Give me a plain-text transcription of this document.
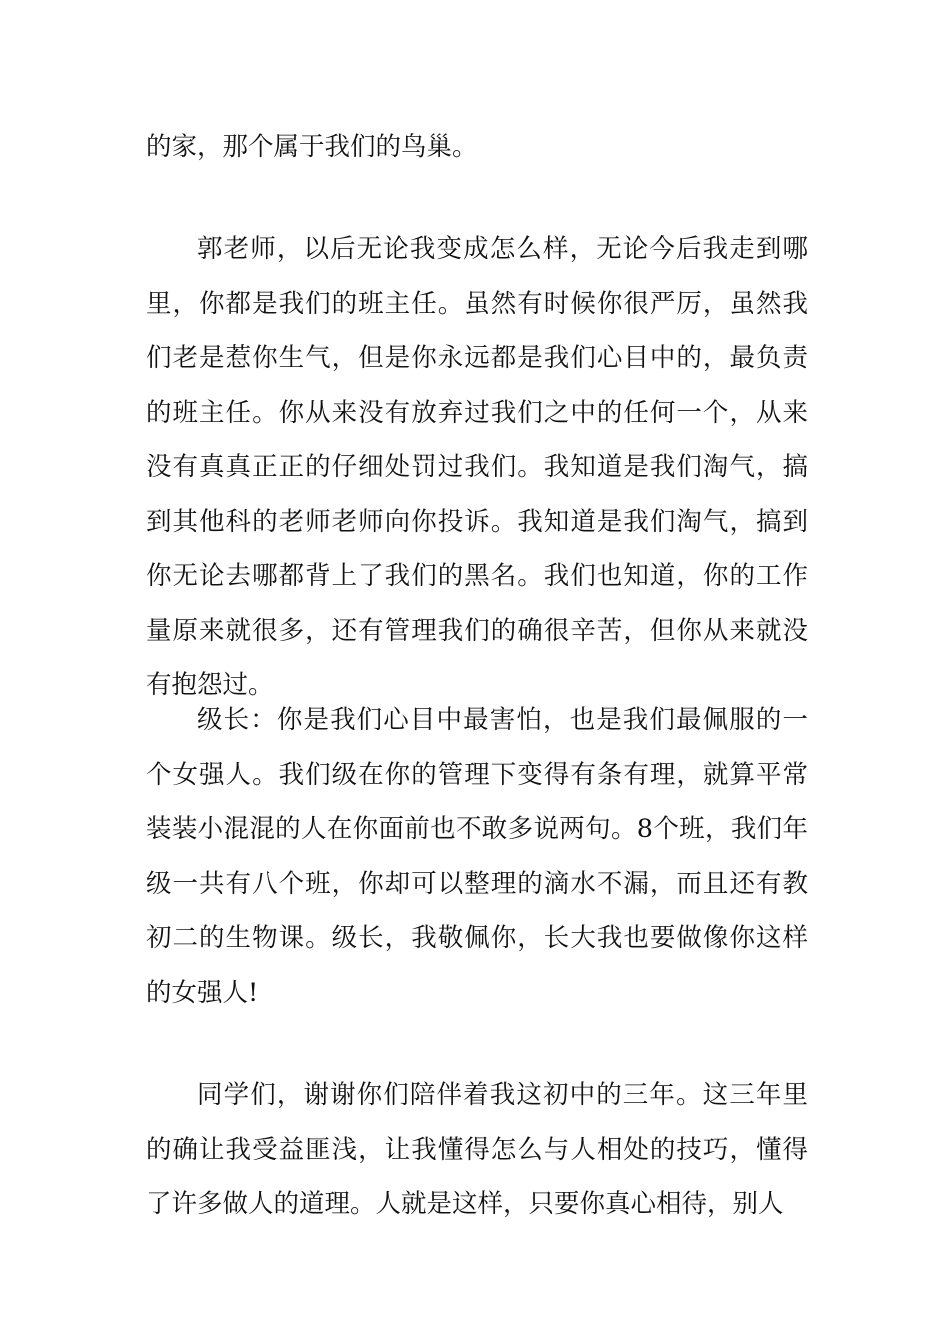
的家，那个属于我们的鸟巢。

郭老师，以后无论我变成怎么样，无论今后我走到哪里，你都是我们的班主任。虽然有时候你很严厉，虽然我们老是惹你生气，但是你永远都是我们心目中的，最负责的班主任。你从来没有放弃过我们之中的任何一个，从来没有真真正正的仔细处罚过我们。我知道是我们淘气，搞到其他科的老师老师向你投诉。我知道是我们淘气，搞到你无论去哪都背上了我们的黑名。我们也知道，你的工作量原来就很多，还有管理我们的确很辛苦，但你从来就没有抱怨过。

级长：你是我们心目中最害怕，也是我们最佩服的一个女强人。我们级在你的管理下变得有条有理，就算平常装装小混混的人在你面前也不敢多说两句。8个班，我们年级一共有八个班，你却可以整理的滴水不漏，而且还有教初二的生物课。级长，我敬佩你，长大我也要做像你这样的女强人!

同学们，谢谢你们陪伴着我这初中的三年。这三年里的确让我受益匪浅，让我懂得怎么与人相处的技巧，懂得了许多做人的道理。人就是这样，只要你真心相待，别人
